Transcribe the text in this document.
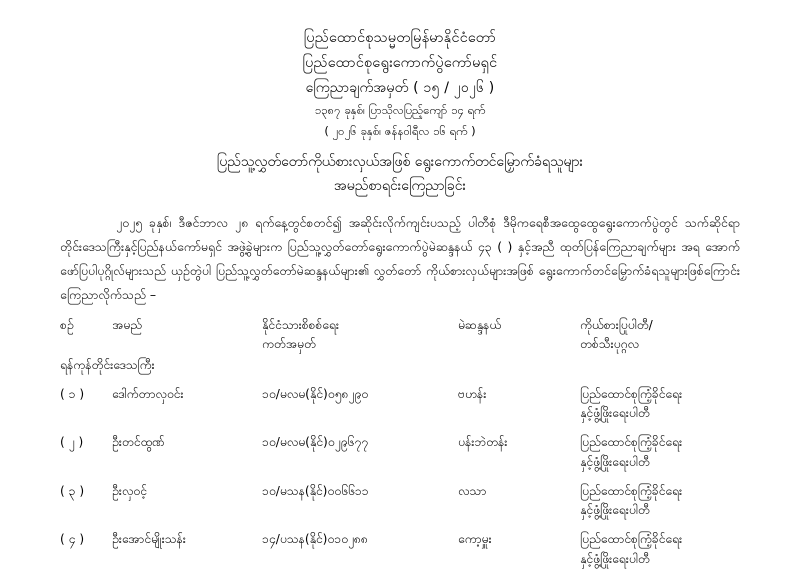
ပြည်ထောင်စုသမ္မတမြန်မာနိုင်ငံတော်
ပြည်ထောင်စုရွေးကောက်ပွဲကော်မရှင်
ကြေညာချက်အမှတ် ( ၁၅ / ၂၀၂၆ )
၁၃၈၇ ခုနှစ်၊ ပြာသိုလပြည့်ကျော် ၁၄ ရက်
( ၂၀၂၆ ခုနှစ်၊ ဇန်နဝါရီလ ၁၆ ရက် )
ပြည်သူ့လွှတ်တော်ကိုယ်စားလှယ်အဖြစ် ရွေးကောက်တင်မြှောက်ခံရသူများ
အမည်စာရင်းကြေညာခြင်း

၂၀၂၅ ခုနှစ်၊ ဒီဇင်ဘာလ ၂၈ ရက်နေ့တွင်စတင်၍ အဆိုင်းလိုက်ကျင်းပသည့် ပါတီစုံ ဒီမိုကရေစီအထွေထွေရွေးကောက်ပွဲတွင် သက်ဆိုင်ရာ တိုင်းဒေသကြီးနှင့်ပြည်နယ်ကော်မရှင် အဖွဲ့ခွဲများက ပြည်သူ့လွှတ်တော်ရွေးကောက်ပွဲမဲဆန္ဒနယ် ၄၃ ( ) နှင့်အညီ ထုတ်ပြန်ကြေညာချက်များ အရ အောက်ဖော်ပြပါပုဂ္ဂိုလ်များသည် ယှဉ်တွဲပါ ပြည်သူ့လွှတ်တော်မဲဆန္ဒနယ်များ၏ လွှတ်တော် ကိုယ်စားလှယ်များအဖြစ် ရွေးကောက်တင်မြှောက်ခံရသူများဖြစ်ကြောင်း ကြေညာလိုက်သည် –

စဉ်	အမည်	နိုင်ငံသားစိစစ်ရေး
ကတ်အမှတ်
	မဲဆန္ဒနယ်	ကိုယ်စားပြုပါတီ/
တစ်သီးပုဂ္ဂလ

ရန်ကုန်တိုင်းဒေသကြီး				
( ၁ )	ဒေါက်တာလှဝင်း	၁၀/မလမ(နိုင်)၀၅၈၂၉၀	ဗဟန်း	ပြည်ထောင်စုကြံ့ခိုင်ရေး
နှင့်ဖွံ့ဖြိုးရေးပါတီ

( ၂ )	ဦးတင်ထွဏ်	၁၀/မလမ(နိုင်)၀၂၉၆၇၇	ပန်းဘဲတန်း	ပြည်ထောင်စုကြံ့ခိုင်ရေး
နှင့်ဖွံ့ဖြိုးရေးပါတီ

( ၃ )	ဦးလှဝင့်	၁၀/မသန(နိုင်)၀၀၆၆၁၁	လသာ	ပြည်ထောင်စုကြံ့ခိုင်ရေး
နှင့်ဖွံ့ဖြိုးရေးပါတီ

( ၄ )	ဦးအောင်မျိုးသန်း	၁၄/ပသန(နိုင်)၀၁၀၂၈၈	ကော့မှူး	ပြည်ထောင်စုကြံ့ခိုင်ရေး
နှင့်ဖွံ့ဖြိုးရေးပါတီ
